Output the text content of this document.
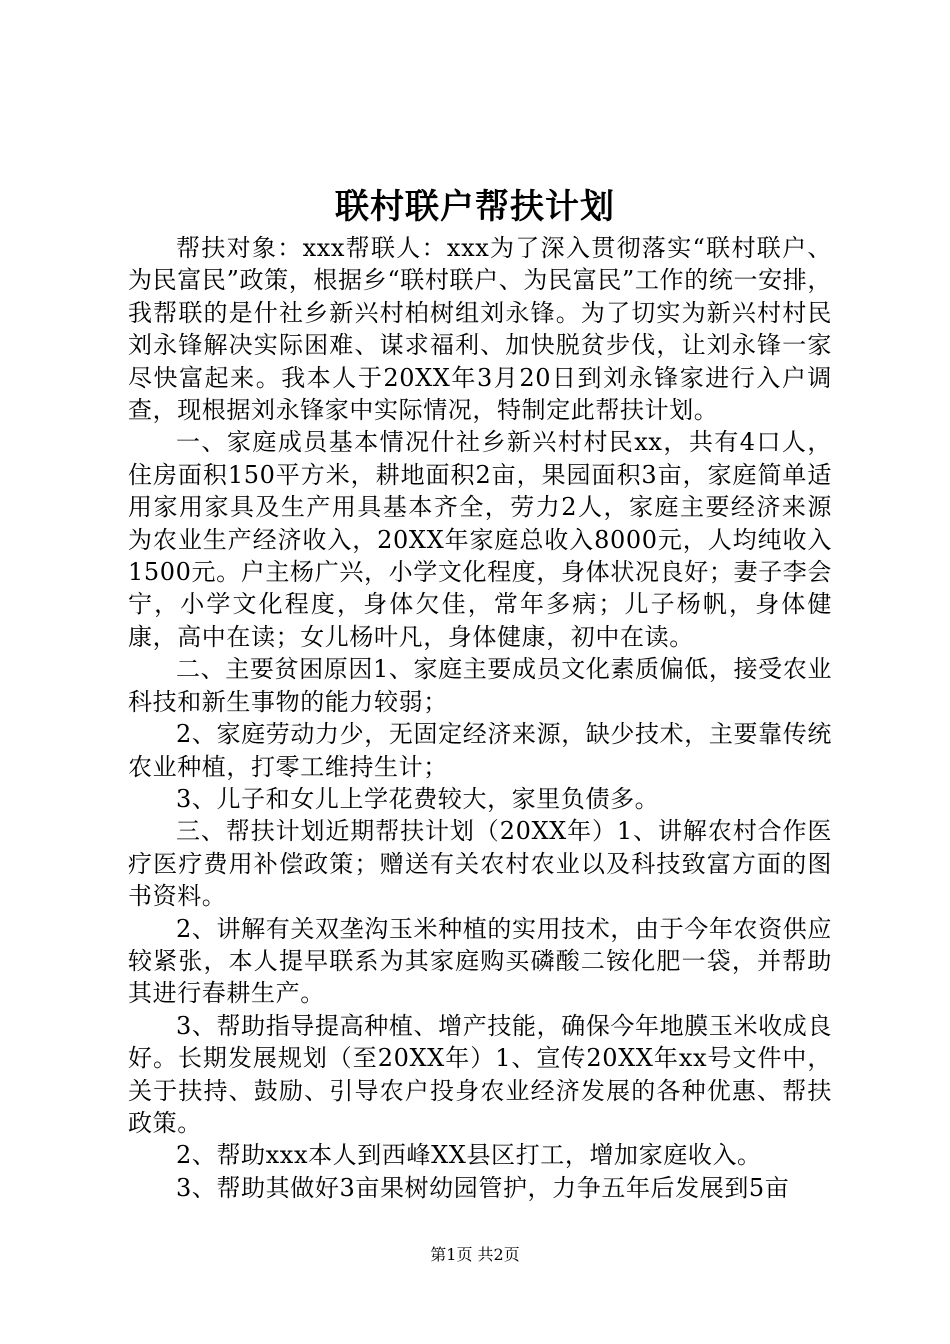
联村联户帮扶计划

帮扶对象：xxx帮联人：xxx为了深入贯彻落实“联村联户、为民富民”政策，根据乡“联村联户、为民富民”工作的统一安排，我帮联的是什社乡新兴村柏树组刘永锋。为了切实为新兴村村民刘永锋解决实际困难、谋求福利、加快脱贫步伐，让刘永锋一家尽快富起来。我本人于20XX年3月20日到刘永锋家进行入户调查，现根据刘永锋家中实际情况，特制定此帮扶计划。

一、家庭成员基本情况什社乡新兴村村民xx，共有4口人，住房面积150平方米，耕地面积2亩，果园面积3亩，家庭简单适用家用家具及生产用具基本齐全，劳力2人，家庭主要经济来源为农业生产经济收入，20XX年家庭总收入8000元，人均纯收入1500元。户主杨广兴，小学文化程度，身体状况良好；妻子李会宁，小学文化程度，身体欠佳，常年多病；儿子杨帆，身体健康，高中在读；女儿杨叶凡，身体健康，初中在读。

二、主要贫困原因1、家庭主要成员文化素质偏低，接受农业科技和新生事物的能力较弱；

2、家庭劳动力少，无固定经济来源，缺少技术，主要靠传统农业种植，打零工维持生计；

3、儿子和女儿上学花费较大，家里负债多。

三、帮扶计划近期帮扶计划（20XX年）1、讲解农村合作医疗医疗费用补偿政策；赠送有关农村农业以及科技致富方面的图书资料。

2、讲解有关双垄沟玉米种植的实用技术，由于今年农资供应较紧张，本人提早联系为其家庭购买磷酸二铵化肥一袋，并帮助其进行春耕生产。

3、帮助指导提高种植、增产技能，确保今年地膜玉米收成良好。长期发展规划（至20XX年）1、宣传20XX年xx号文件中，关于扶持、鼓励、引导农户投身农业经济发展的各种优惠、帮扶政策。

2、帮助xxx本人到西峰XX县区打工，增加家庭收入。

3、帮助其做好3亩果树幼园管护，力争五年后发展到5亩

第1页 共2页
